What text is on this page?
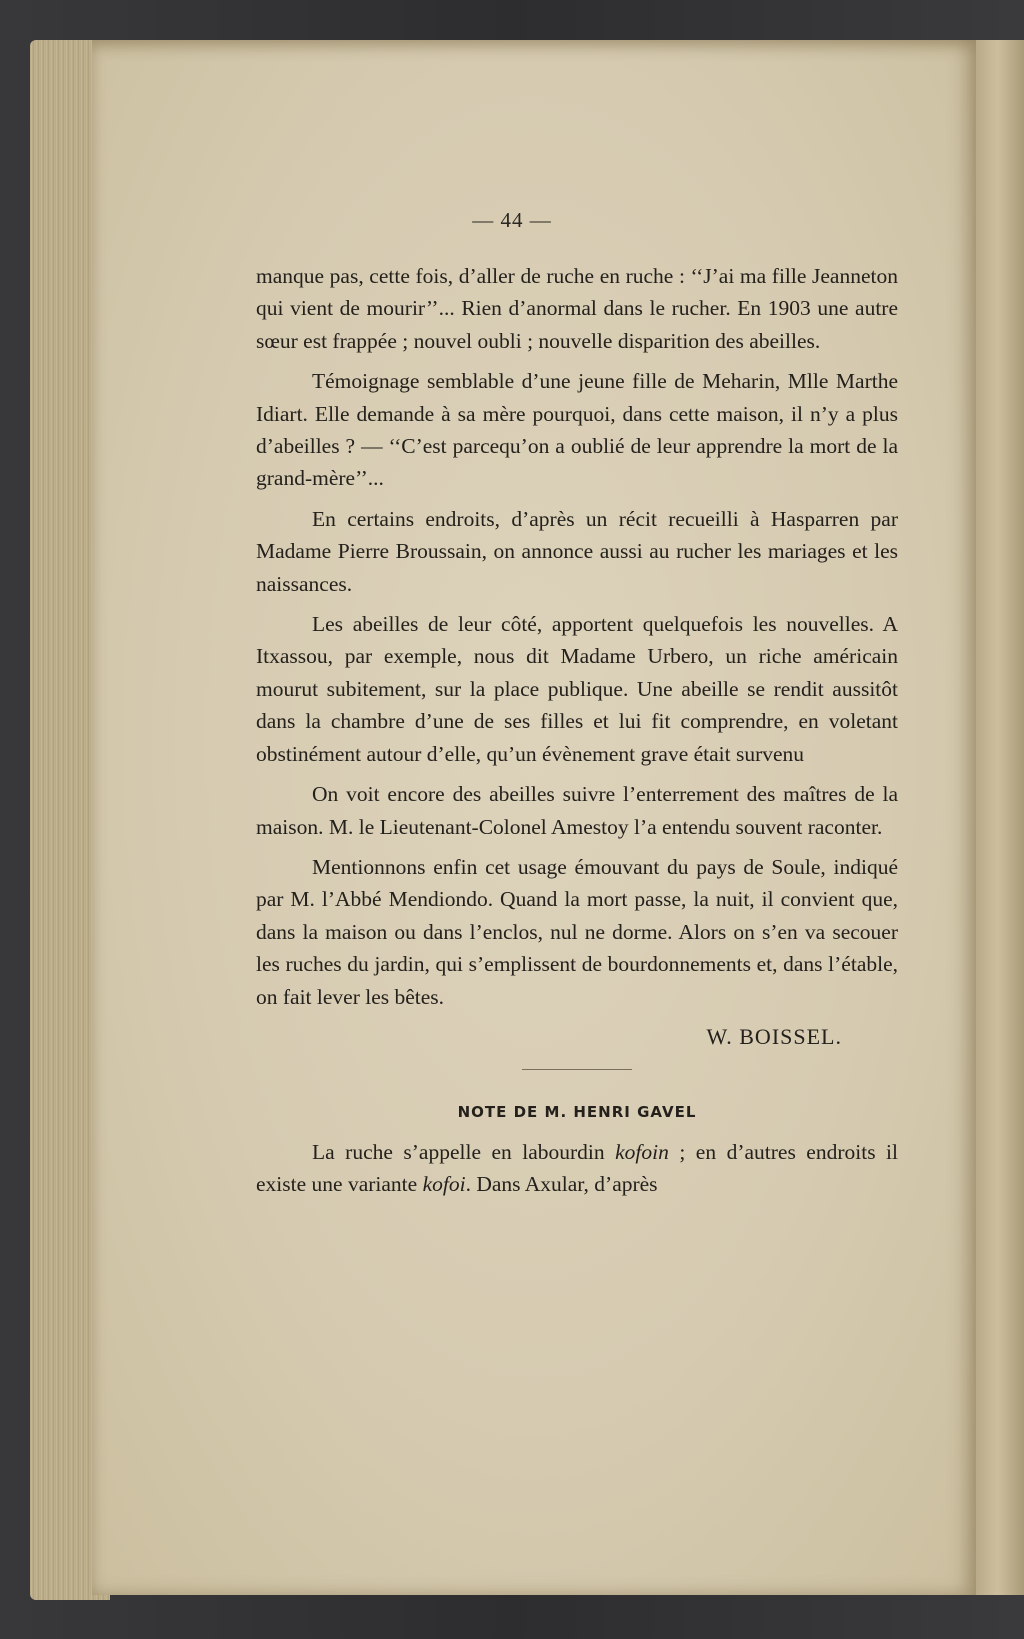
— 44 —

manque pas, cette fois, d’aller de ruche en ruche : ‘‘J’ai ma fille Jeanneton qui vient de mourir’’... Rien d’anormal dans le rucher. En 1903 une autre sœur est frappée ; nouvel oubli ; nouvelle disparition des abeilles.

Témoignage semblable d’une jeune fille de Meharin, Mlle Marthe Idiart. Elle demande à sa mère pourquoi, dans cette maison, il n’y a plus d’abeilles ? — ‘‘C’est parcequ’on a oublié de leur apprendre la mort de la grand-mère’’...

En certains endroits, d’après un récit recueilli à Hasparren par Madame Pierre Broussain, on annonce aussi au rucher les mariages et les naissances.

Les abeilles de leur côté, apportent quelquefois les nouvelles. A Itxassou, par exemple, nous dit Madame Urbero, un riche américain mourut subitement, sur la place publique. Une abeille se rendit aussitôt dans la chambre d’une de ses filles et lui fit comprendre, en voletant obstinément autour d’elle, qu’un évènement grave était survenu

On voit encore des abeilles suivre l’enterrement des maîtres de la maison. M. le Lieutenant-Colonel Amestoy l’a entendu souvent raconter.

Mentionnons enfin cet usage émouvant du pays de Soule, indiqué par M. l’Abbé Mendiondo. Quand la mort passe, la nuit, il convient que, dans la maison ou dans l’enclos, nul ne dorme. Alors on s’en va secouer les ruches du jardin, qui s’emplissent de bourdonnements et, dans l’étable, on fait lever les bêtes.

W. BOISSEL.

NOTE DE M. HENRI GAVEL

La ruche s’appelle en labourdin kofoin ; en d’autres endroits il existe une variante kofoi. Dans Axular, d’après
